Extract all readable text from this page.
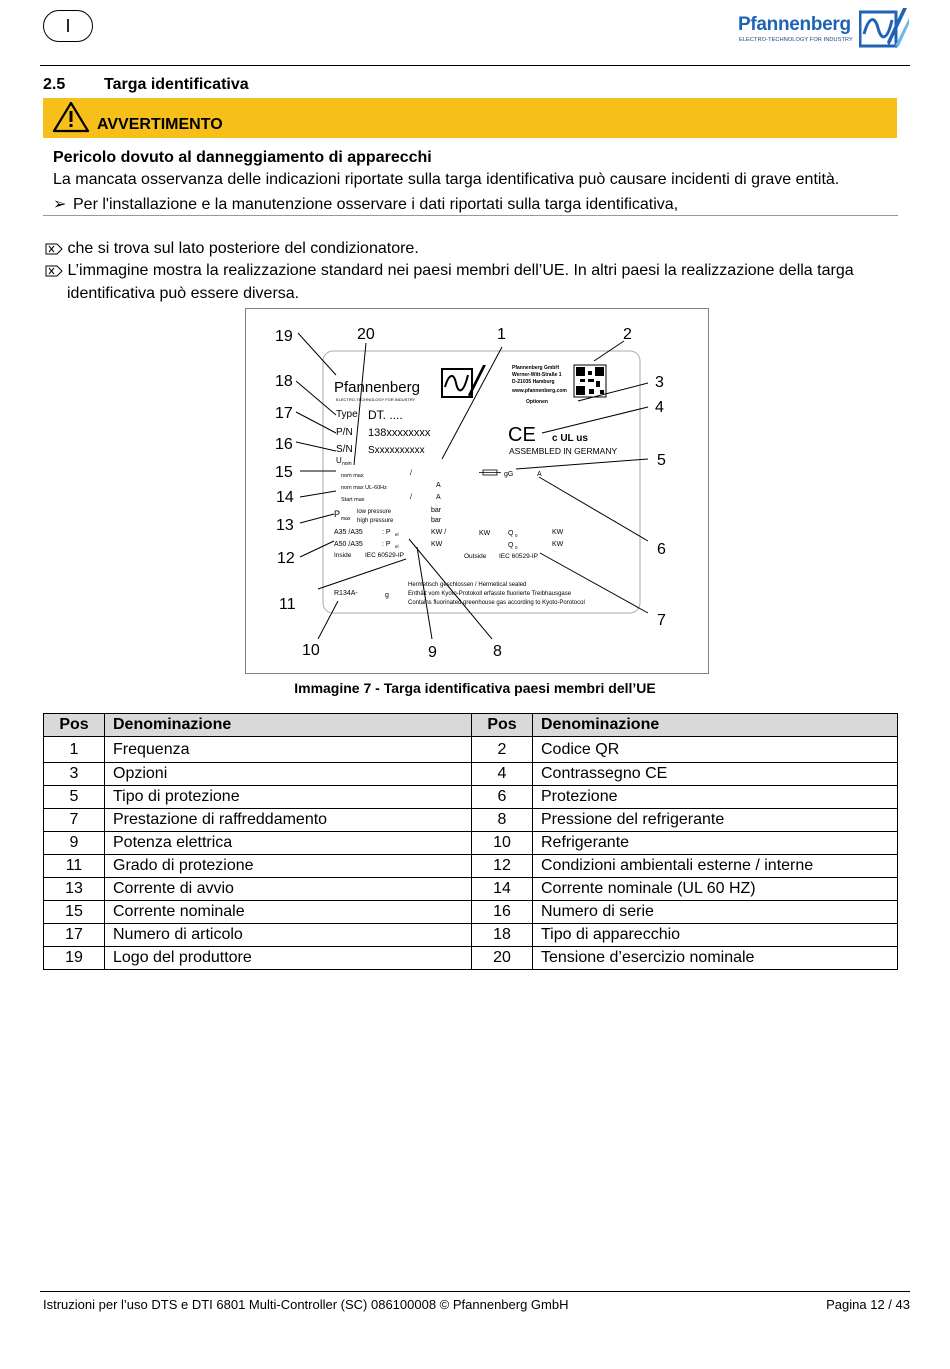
I	Pfannenberg
ELECTRO-TECHNOLOGY FOR INDUSTRY
2.5 Targa identificativa
AVVERTIMENTO
Pericolo dovuto al danneggiamento di apparecchi
La mancata osservanza delle indicazioni riportate sulla targa identificativa può causare incidenti di grave entità.
➢ Per l'installazione e la manutenzione osservare i dati riportati sulla targa identificativa,
che si trova sul lato posteriore del condizionatore.
L’immagine mostra la realizzazione standard nei paesi membri dell’UE. In altri paesi la realizzazione della targa
identificativa può essere diversa.
Pfannenberg
ELECTRO-TECHNOLOGY FOR INDUSTRY
Pfannenberg GmbH
Werner-Witt-Straße 1
D-21035 Hamburg
www.pfannenberg.com
Optionen
CE c UL us
ASSEMBLED IN GERMANY
Type DT. ....
P/N 138xxxxxxxx
S/N Sxxxxxxxxxx
U nom
nom max
nom max UL-60Hz
Start max
/
/
A
A
gG	A
P max
low pressure
high pressure
bar
bar
A35 /A35
A50 /A35
: P el
: P el
KW /
KW
KW	Q 0
Q 0
KW
KW
Inside IEC 60529-IP	Outside IEC 60529-IP
R134A-	g
Hermetisch geschlossen / Hermetical sealed
Enthält vom Kyoto-Protokoll erfasste fluorierte Treibhausgase
Contains fluorinated greenhouse gas according to Kyoto-Porotocol
1	2
3
4
5
6
7
8
9
10
11
12
13
14
15
16
17
18
19	20
Immagine 7 - Targa identificativa paesi membri dell’UE
Pos	Denominazione	Pos	Denominazione
1	Frequenza	2	Codice QR
3	Opzioni	4	Contrassegno CE
5	Tipo di protezione	6	Protezione
7	Prestazione di raffreddamento	8	Pressione del refrigerante
9	Potenza elettrica	10	Refrigerante
11	Grado di protezione	12	Condizioni ambientali esterne / interne
13	Corrente di avvio	14	Corrente nominale (UL 60 HZ)
15	Corrente nominale	16	Numero di serie
17	Numero di articolo	18	Tipo di apparecchio
19	Logo del produttore	20	Tensione d’esercizio nominale
Istruzioni per l’uso DTS e DTI 6801 Multi-Controller (SC) 086100008 © Pfannenberg GmbH	Pagina 12 / 43
